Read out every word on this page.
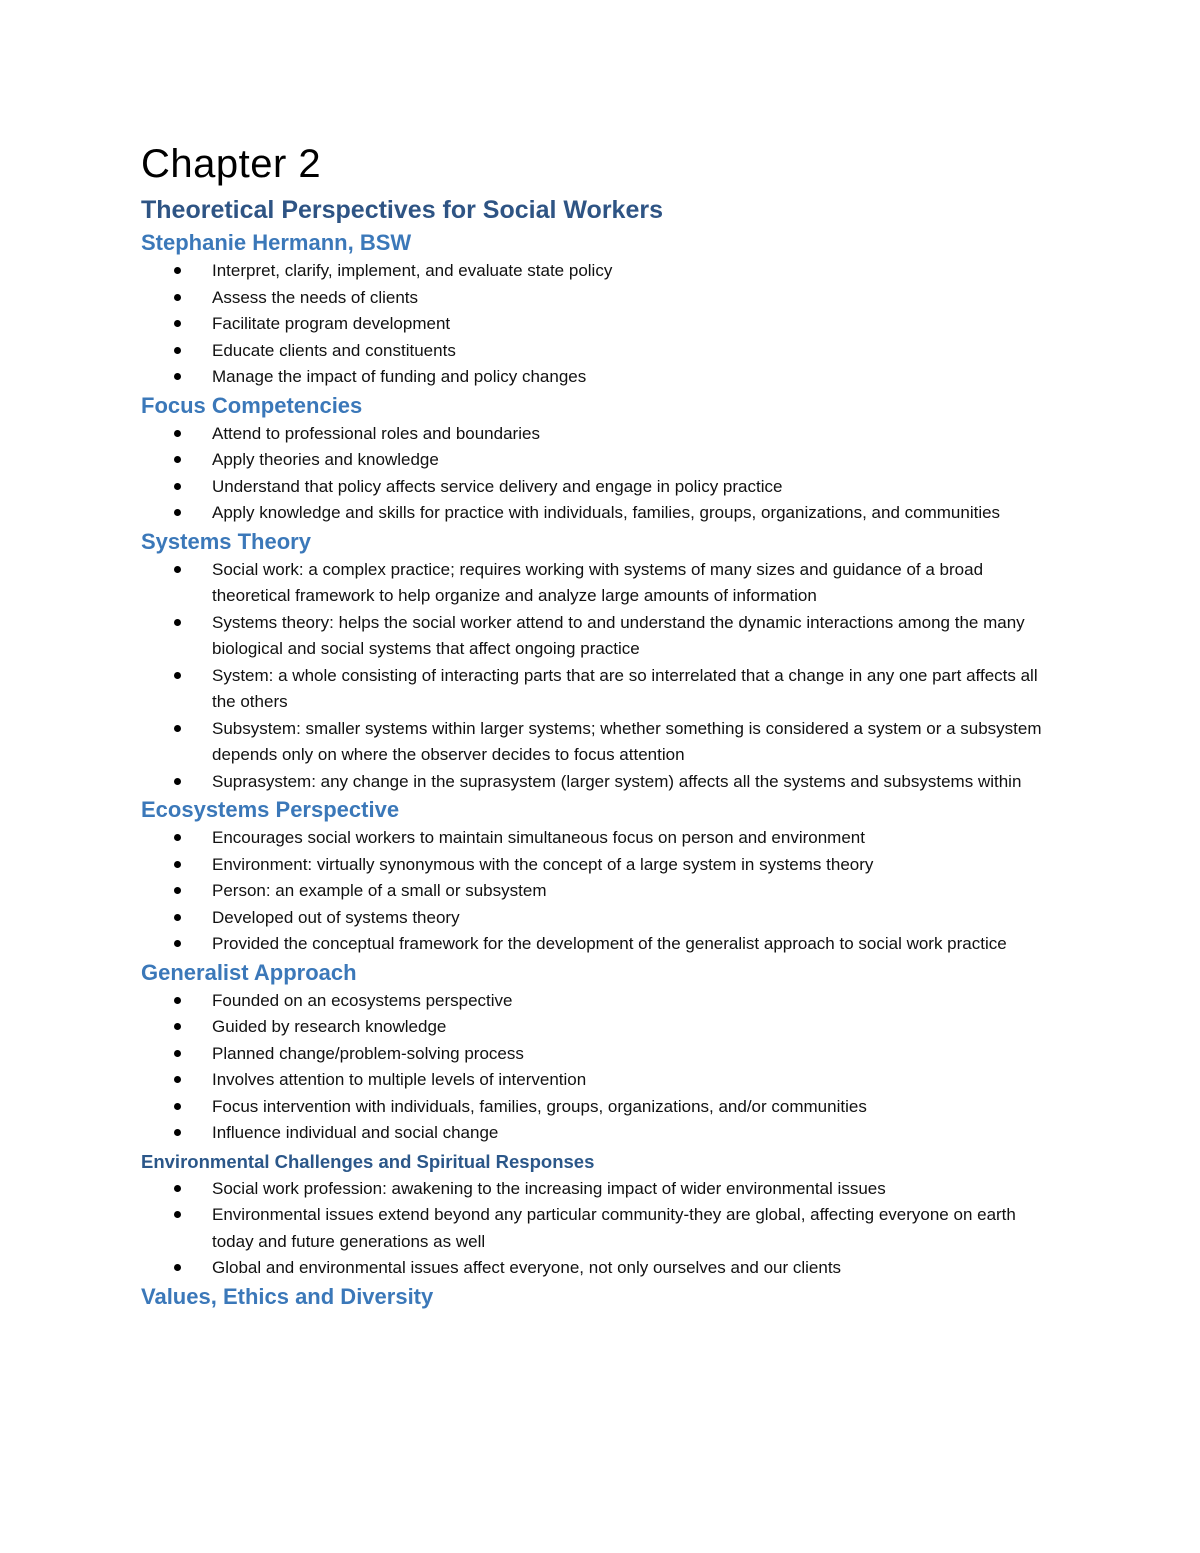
Chapter 2
Theoretical Perspectives for Social Workers
Stephanie Hermann, BSW
Interpret, clarify, implement, and evaluate state policy
Assess the needs of clients
Facilitate program development
Educate clients and constituents
Manage the impact of funding and policy changes
Focus Competencies
Attend to professional roles and boundaries
Apply theories and knowledge
Understand that policy affects service delivery and engage in policy practice
Apply knowledge and skills for practice with individuals, families, groups, organizations, and communities
Systems Theory
Social work: a complex practice; requires working with systems of many sizes and guidance of a broad theoretical framework to help organize and analyze large amounts of information
Systems theory: helps the social worker attend to and understand the dynamic interactions among the many biological and social systems that affect ongoing practice
System: a whole consisting of interacting parts that are so interrelated that a change in any one part affects all the others
Subsystem: smaller systems within larger systems; whether something is considered a system or a subsystem depends only on where the observer decides to focus attention
Suprasystem: any change in the suprasystem (larger system) affects all the systems and subsystems within
Ecosystems Perspective
Encourages social workers to maintain simultaneous focus on person and environment
Environment: virtually synonymous with the concept of a large system in systems theory
Person: an example of a small or subsystem
Developed out of systems theory
Provided the conceptual framework for the development of the generalist approach to social work practice
Generalist Approach
Founded on an ecosystems perspective
Guided by research knowledge
Planned change/problem-solving process
Involves attention to multiple levels of intervention
Focus intervention with individuals, families, groups, organizations, and/or communities
Influence individual and social change
Environmental Challenges and Spiritual Responses
Social work profession: awakening to the increasing impact of wider environmental issues
Environmental issues extend beyond any particular community-they are global, affecting everyone on earth today and future generations as well
Global and environmental issues affect everyone, not only ourselves and our clients
Values, Ethics and Diversity
